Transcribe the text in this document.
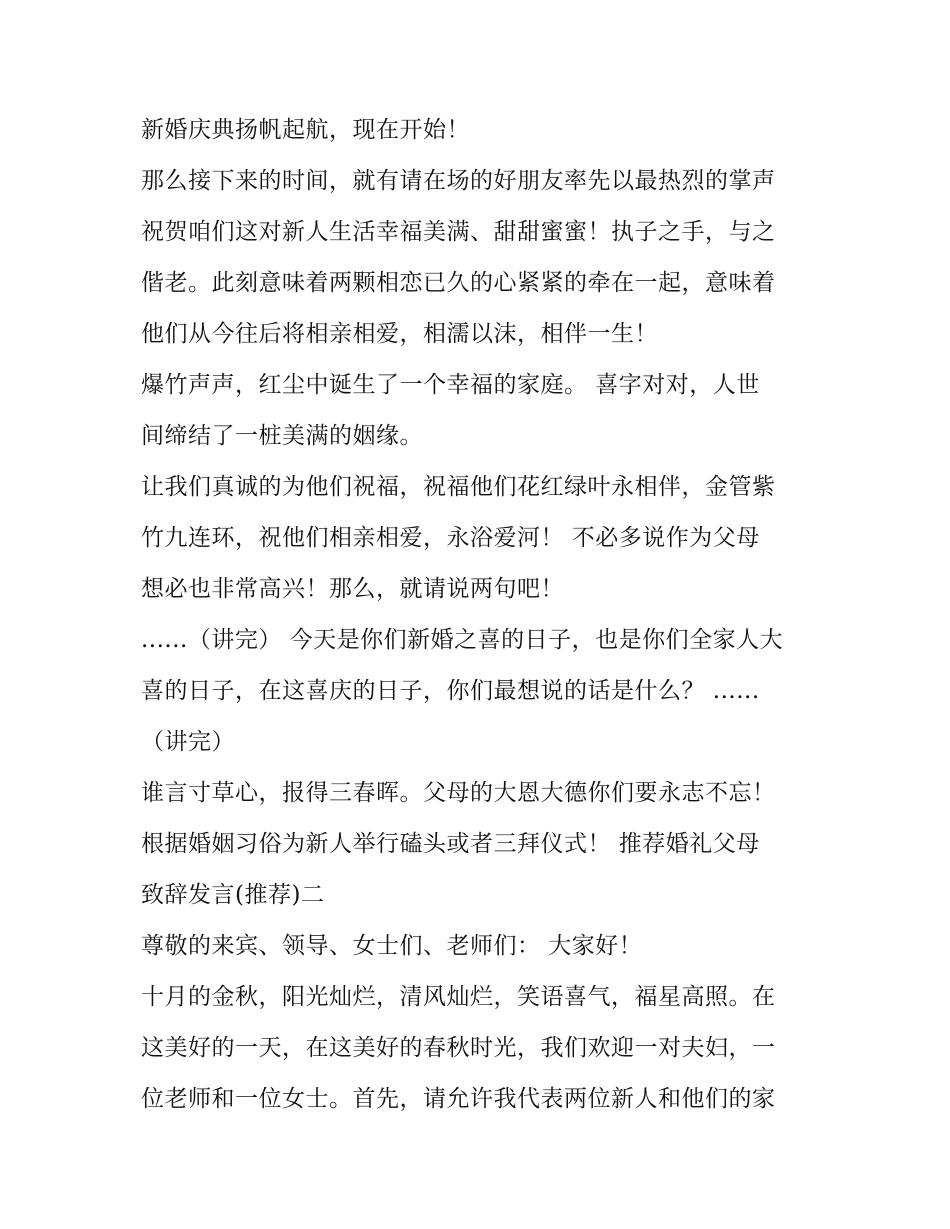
新婚庆典扬帆起航，现在开始！
那么接下来的时间，就有请在场的好朋友率先以最热烈的掌声
祝贺咱们这对新人生活幸福美满、甜甜蜜蜜！执子之手，与之
偕老。此刻意味着两颗相恋已久的心紧紧的牵在一起，意味着
他们从今往后将相亲相爱，相濡以沫，相伴一生！
爆竹声声，红尘中诞生了一个幸福的家庭。 喜字对对，人世
间缔结了一桩美满的姻缘。
让我们真诚的为他们祝福，祝福他们花红绿叶永相伴，金管紫
竹九连环，祝他们相亲相爱，永浴爱河！ 不必多说作为父母
想必也非常高兴！那么，就请说两句吧！
......（讲完） 今天是你们新婚之喜的日子，也是你们全家人大
喜的日子，在这喜庆的日子，你们最想说的话是什么？ ......
（讲完）
谁言寸草心，报得三春晖。父母的大恩大德你们要永志不忘！
根据婚姻习俗为新人举行磕头或者三拜仪式！ 推荐婚礼父母
致辞发言(推荐)二
尊敬的来宾、领导、女士们、老师们： 大家好！
十月的金秋，阳光灿烂，清风灿烂，笑语喜气，福星高照。在
这美好的一天，在这美好的春秋时光，我们欢迎一对夫妇，一
位老师和一位女士。首先，请允许我代表两位新人和他们的家
